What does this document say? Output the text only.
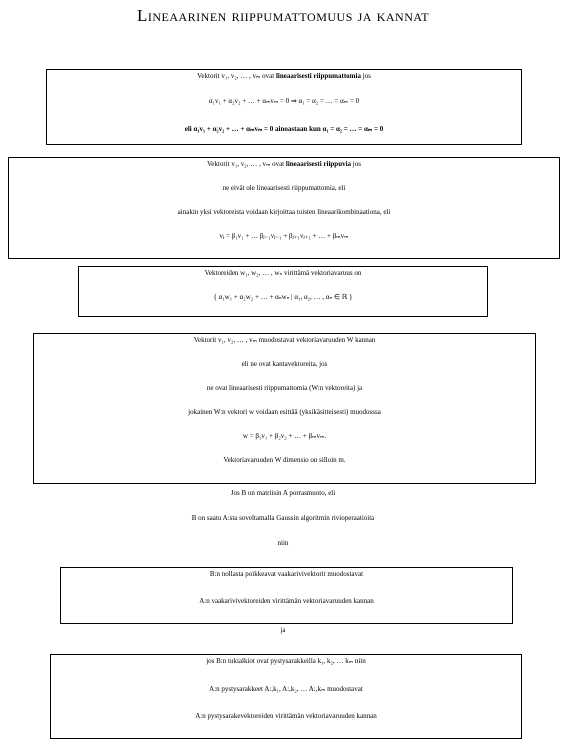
Lineaarinen riippumattomuus ja kannat
Vektorit v₁, v₂, … , vₘ ovat lineaarisesti riippumattomia jos
α₁v₁ + α₂v₂ + … + αₘvₘ = 0 ⇒ α₁ = α₂ = … = αₘ = 0
eli α₁v₁ + α₂v₂ + … + αₘvₘ = 0 ainoastaan kun α₁ = α₂ = … = αₘ = 0
Vektorit v₁, v₂, … , vₘ ovat lineaarisesti riippuvia jos
ne eivät ole lineaarisesti riippumattomia, eli
ainakin yksi vektoreista voidaan kirjoittaa toisten lineaarikombinaationa, eli
vⱼ = β₁v₁ + … βⱼ₋₁vⱼ₋₁ + βⱼ₊₁vⱼ₊₁ + … + βₘvₘ
Vektoreiden w₁, w₂, … , wₙ virittämä vektoriavaruus on
{ α₁w₁ + α₂w₂ + … + αₙwₙ | α₁, α₂, … , αₙ ∈ ℝ }
Vektorit v₁, v₂, … , vₘ muodostavat vektoriavaruuden W kannan
eli ne ovat kantavektoreita, jos
ne ovat lineaarisesti riippumattomia (W:n vektoreita) ja
jokainen W:n vektori w voidaan esittää (yksikäsitteisesti) muodosssa
w = β₁v₁ + β₂v₂ + … + βₘvₘ.
Vektoriavaruuden W dimensio on silloin m.
Jos B on matriisin A porrasmuoto, eli
B on saatu A:sta soveltamalla Gaussin algoritmin rivioperaatioita
niin
B:n nollasta poikkeavat vaakarivivektorit muodostavat
A:n vaakarivivektoreiden virittämän vektoriavaruuden kannan
ja
jos B:n tukialkiot ovat pystysarakkeilla k₁, k₂, … kₘ niin
A:n pystysarakkeet A:,k₁, A:,k₂, … A:,kₘ muodostavat
A:n pystysarakevektoreiden virittämän vektoriavaruuden kannan
